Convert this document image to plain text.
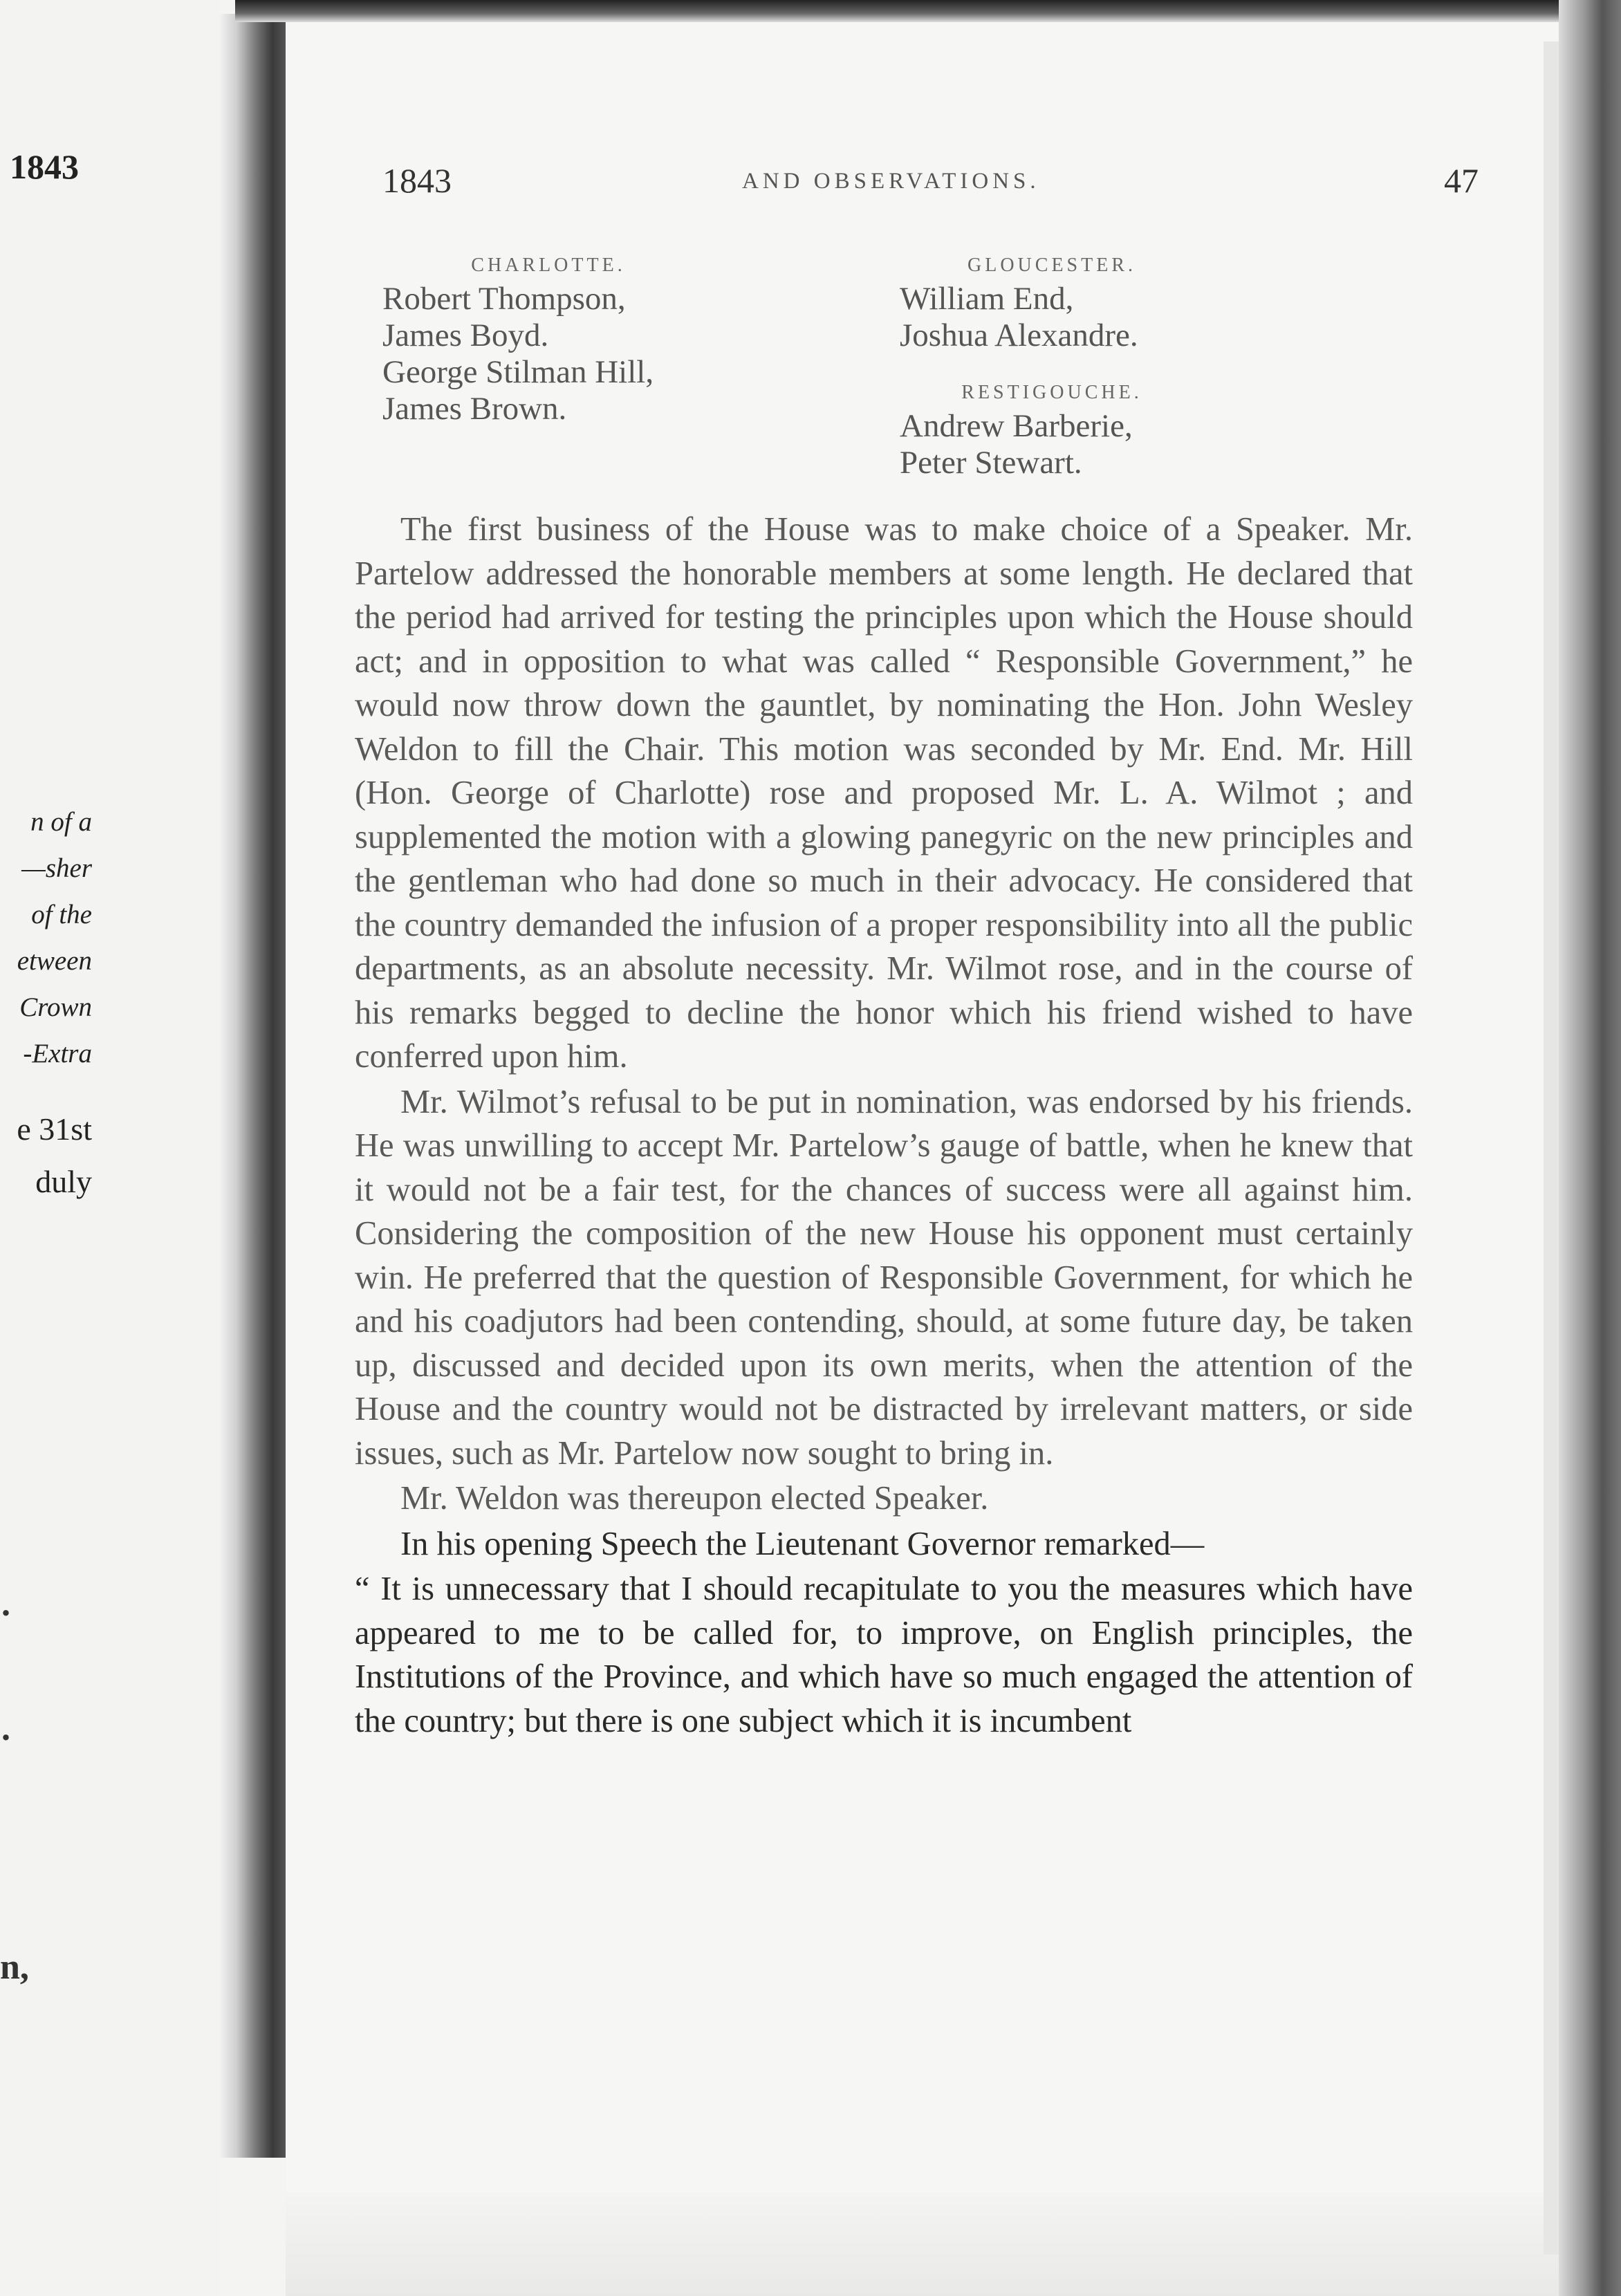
1843
n of a
sher—
of the
etween
Crown
Extra-
e 31st
duly
.
.
n,
1843	AND OBSERVATIONS.	47

CHARLOTTE.

Robert Thompson,
James Boyd.
George Stilman Hill,
James Brown.

GLOUCESTER.

William End,
Joshua Alexandre.

RESTIGOUCHE.

Andrew Barberie,
Peter Stewart.

The first business of the House was to make choice of a Speaker. Mr. Partelow addressed the honorable members at some length. He declared that the period had arrived for testing the principles upon which the House should act; and in opposition to what was called “ Responsible Government,” he would now throw down the gauntlet, by nominating the Hon. John Wesley Weldon to fill the Chair. This motion was seconded by Mr. End. Mr. Hill (Hon. George of Charlotte) rose and proposed Mr. L. A. Wilmot ; and supplemented the motion with a glowing panegyric on the new principles and the gentleman who had done so much in their advocacy. He considered that the country demanded the infusion of a proper responsibility into all the public departments, as an absolute necessity. Mr. Wilmot rose, and in the course of his remarks begged to decline the honor which his friend wished to have conferred upon him.

Mr. Wilmot’s refusal to be put in nomination, was endorsed by his friends. He was unwilling to accept Mr. Partelow’s gauge of battle, when he knew that it would not be a fair test, for the chances of success were all against him. Considering the composition of the new House his opponent must certainly win. He preferred that the question of Responsible Government, for which he and his coadjutors had been contending, should, at some future day, be taken up, discussed and decided upon its own merits, when the attention of the House and the country would not be distracted by irrelevant matters, or side issues, such as Mr. Partelow now sought to bring in.

Mr. Weldon was thereupon elected Speaker.

In his opening Speech the Lieutenant Governor remarked—

“ It is unnecessary that I should recapitulate to you the measures which have appeared to me to be called for, to improve, on English principles, the Institutions of the Province, and which have so much engaged the attention of the country; but there is one subject which it is incumbent
